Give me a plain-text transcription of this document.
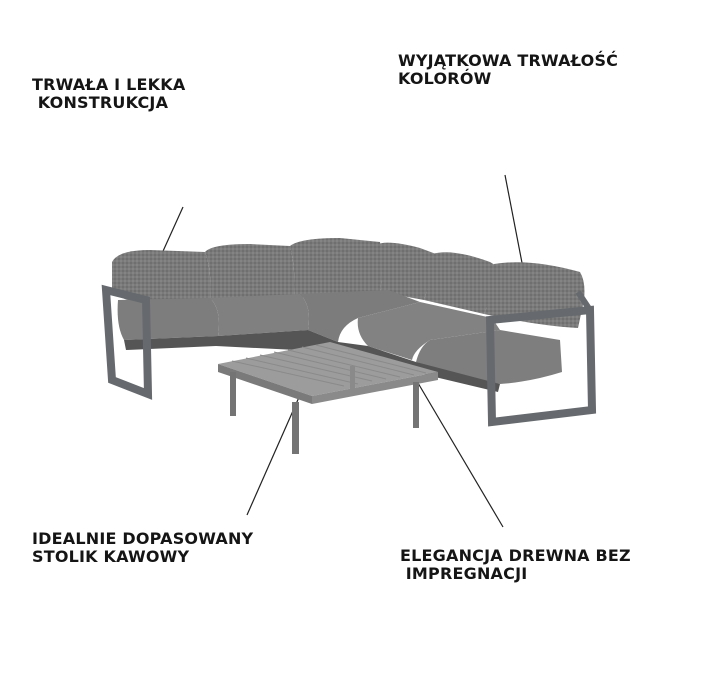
TRWAŁA I LEKKA
KONSTRUKCJA

WYJĄTKOWA TRWAŁOŚĆ
KOLORÓW

IDEALNIE DOPASOWANY
STOLIK KAWOWY	ELEGANCJA DREWNA BEZ
IMPREGNACJI
